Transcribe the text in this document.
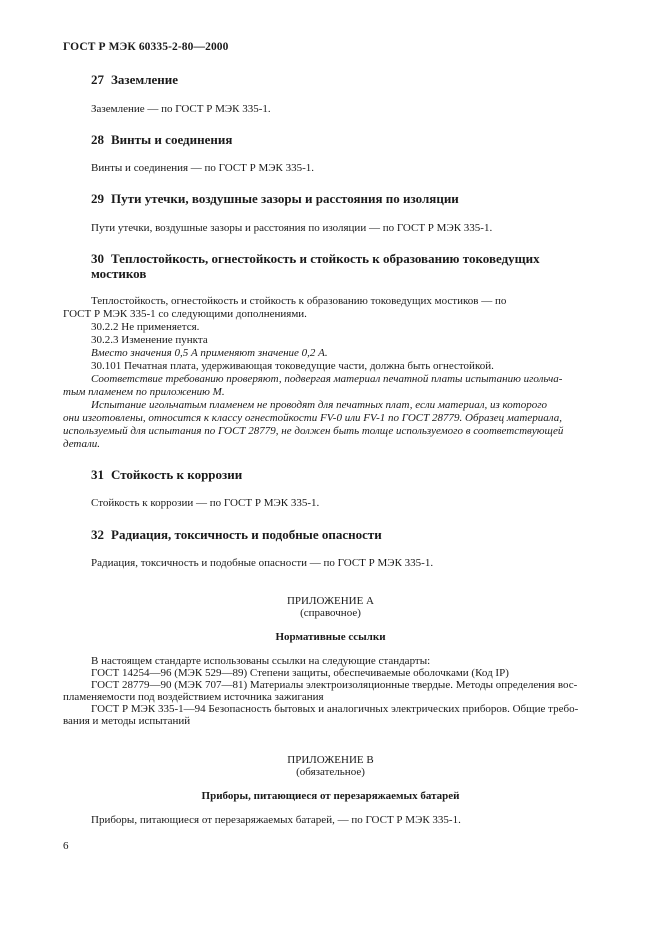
ГОСТ Р МЭК 60335-2-80—2000
27 Заземление
Заземление — по ГОСТ Р МЭК 335-1.
28 Винты и соединения
Винты и соединения — по ГОСТ Р МЭК 335-1.
29 Пути утечки, воздушные зазоры и расстояния по изоляции
Пути утечки, воздушные зазоры и расстояния по изоляции — по ГОСТ Р МЭК 335-1.
30 Теплостойкость, огнестойкость и стойкость к образованию токоведущих
мостиков
Теплостойкость, огнестойкость и стойкость к образованию токоведущих мостиков — по
ГОСТ Р МЭК 335-1 со следующими дополнениями.
30.2.2 Не применяется.
30.2.3 Изменение пункта
Вместо значения 0,5 А применяют значение 0,2 А.
30.101 Печатная плата, удерживающая токоведущие части, должна быть огнестойкой.
Соответствие требованию проверяют, подвергая материал печатной платы испытанию игольча-
тым пламенем по приложению М.
Испытание игольчатым пламенем не проводят для печатных плат, если материал, из которого
они изготовлены, относится к классу огнестойкости FV-0 или FV-1 по ГОСТ 28779. Образец материала,
используемый для испытания по ГОСТ 28779, не должен быть толще используемого в соответствующей
детали.
31 Стойкость к коррозии
Стойкость к коррозии — по ГОСТ Р МЭК 335-1.
32 Радиация, токсичность и подобные опасности
Радиация, токсичность и подобные опасности — по ГОСТ Р МЭК 335-1.
ПРИЛОЖЕНИЕ А
(справочное)
Нормативные ссылки
В настоящем стандарте использованы ссылки на следующие стандарты:
ГОСТ 14254—96 (МЭК 529—89) Степени защиты, обеспечиваемые оболочками (Код IP)
ГОСТ 28779—90 (МЭК 707—81) Материалы электроизоляционные твердые. Методы определения вос-
пламеняемости под воздействием источника зажигания
ГОСТ Р МЭК 335-1—94 Безопасность бытовых и аналогичных электрических приборов. Общие требо-
вания и методы испытаний
ПРИЛОЖЕНИЕ В
(обязательное)
Приборы, питающиеся от перезаряжаемых батарей
Приборы, питающиеся от перезаряжаемых батарей, — по ГОСТ Р МЭК 335-1.
6
